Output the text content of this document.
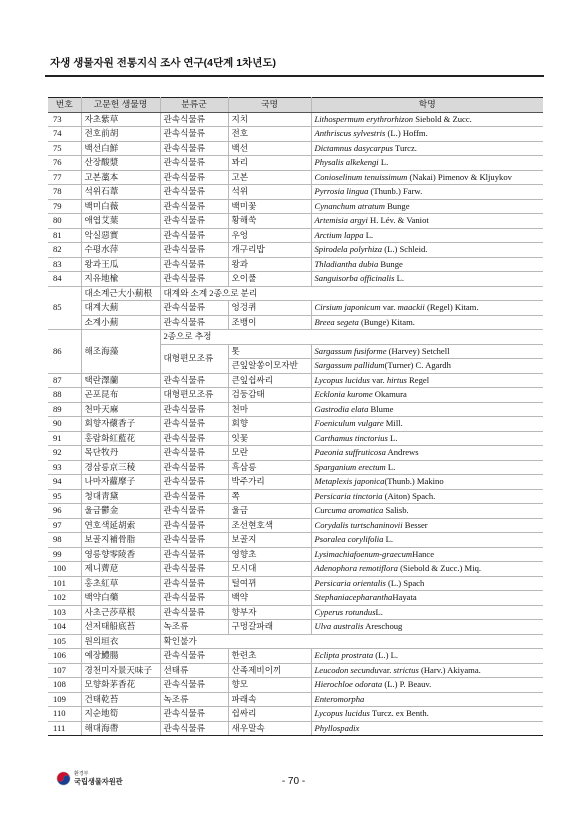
자생 생물자원 전통지식 조사 연구(4단계 1차년도)
번호	고문헌 생물명	분류군	국명	학명
73	자초紫草	관속식물류	지치	Lithospermum erythrorhizon Siebold & Zucc.
74	전호前胡	관속식물류	전호	Anthriscus sylvestris (L.) Hoffm.
75	백선白鮮	관속식물류	백선	Dictamnus dasycarpus Turcz.
76	산장酸漿	관속식물류	꽈리	Physalis alkekengi L.
77	고본藁本	관속식물류	고본	Conioselinum tenuissimum (Nakai) Pimenov & Kljuykov
78	석위石葦	관속식물류	석위	Pyrrosia lingua (Thunb.) Farw.
79	백미白薇	관속식물류	백미꽃	Cynanchum atratum Bunge
80	애엽艾葉	관속식물류	황해쑥	Artemisia argyi H. Lév. & Vaniot
81	악실惡實	관속식물류	우엉	Arctium lappa L.
82	수평水萍	관속식물류	개구리밥	Spirodela polyrhiza (L.) Schleid.
83	왕과王瓜	관속식물류	왕과	Thladiantha dubia Bunge
84	지유地楡	관속식물류	오이풀	Sanguisorba officinalis L.
85	대소계근大小薊根	대계와 소계 2종으로 분리		
	대계大薊	관속식물류	엉겅퀴	Cirsium japonicum var. maackii (Regel) Kitam.
	소계小薊	관속식물류	조뱅이	Breea segeta (Bunge) Kitam.
86	해조海藻	2종으로 추정		
		대형편모조류	톳	Sargassum fusiforme (Harvey) Setchell
			큰잎알쏭이모자반	Sargassum pallidum(Turner) C. Agardh
87	택란澤蘭	관속식물류	큰잎쉽싸리	Lycopus lucidus var. hirtus Regel
88	곤포昆布	대형편모조류	검둥감태	Ecklonia kurome Okamura
89	천마天麻	관속식물류	천마	Gastrodia elata Blume
90	회향자蘹香子	관속식물류	회향	Foeniculum vulgare Mill.
91	홍람화紅藍花	관속식물류	잇꽃	Carthamus tinctorius L.
92	목단牧丹	관속식물류	모란	Paeonia suffruticosa Andrews
93	경삼릉京三稜	관속식물류	흑삼릉	Sparganium erectum L.
94	나마자蘿摩子	관속식물류	박주가리	Metaplexis japonica(Thunb.) Makino
95	청대靑黛	관속식물류	쪽	Persicaria tinctoria (Aiton) Spach.
96	울금鬱金	관속식물류	울금	Curcuma aromatica Salisb.
97	연호색延胡索	관속식물류	조선현호색	Corydalis turtschaninovii Besser
98	보골지補骨脂	관속식물류	보골지	Psoralea corylifolia L.
99	영릉향零陵香	관속식물류	영향초	Lysimachiafoenum-graecumHance
100	제니薺苨	관속식물류	모시대	Adenophora remotiflora (Siebold & Zucc.) Miq.
101	홍초紅草	관속식물류	털여뀌	Persicaria orientalis (L.) Spach
102	백약白藥	관속식물류	백약	StephaniacepharanthaHayata
103	사초근莎草根	관속식물류	향부자	Cyperus rotundusL.
104	선저태船底苔	녹조류	구멍갈파래	Ulva australis Areschoug
105	원의垣衣	확인불가		
106	예장鱧腸	관속식물류	한련초	Eclipta prostrata (L.) L.
107	경천미자景天味子	선태류	산족제비이끼	Leucodon secunduvar. strictus (Harv.) Akiyama.
108	모향화茅香花	관속식물류	향모	Hierochloe odorata (L.) P. Beauv.
109	건태乾苔	녹조류	파래속	Enteromorpha
110	지순地筍	관속식물류	쉽싸리	Lycopus lucidus Turcz. ex Benth.
111	해대海帶	관속식물류	새우말속	Phyllospadix
환경부
국립생물자원관	- 70 -
